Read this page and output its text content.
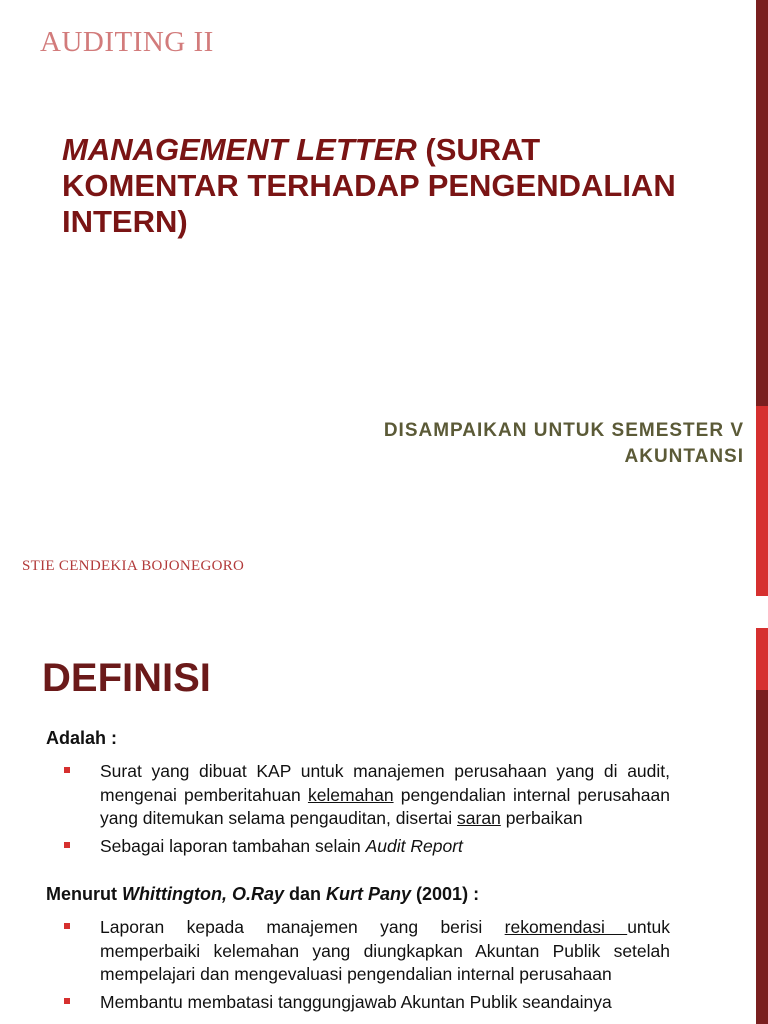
AUDITING II
MANAGEMENT LETTER (SURAT KOMENTAR TERHADAP PENGENDALIAN INTERN)

DISAMPAIKAN UNTUK SEMESTER V
AKUNTANSI

STIE CENDEKIA BOJONEGORO

DEFINISI

Adalah :

Surat yang dibuat KAP untuk manajemen perusahaan yang di audit, mengenai pemberitahuan kelemahan pengendalian internal perusahaan yang ditemukan selama pengauditan, disertai saran perbaikan
Sebagai laporan tambahan selain Audit Report

Menurut Whittington, O.Ray dan Kurt Pany (2001) :

Laporan kepada manajemen yang berisi rekomendasi untuk memperbaiki kelemahan yang diungkapkan Akuntan Publik setelah mempelajari dan mengevaluasi pengendalian internal perusahaan
Membantu membatasi tanggungjawab Akuntan Publik seandainya
